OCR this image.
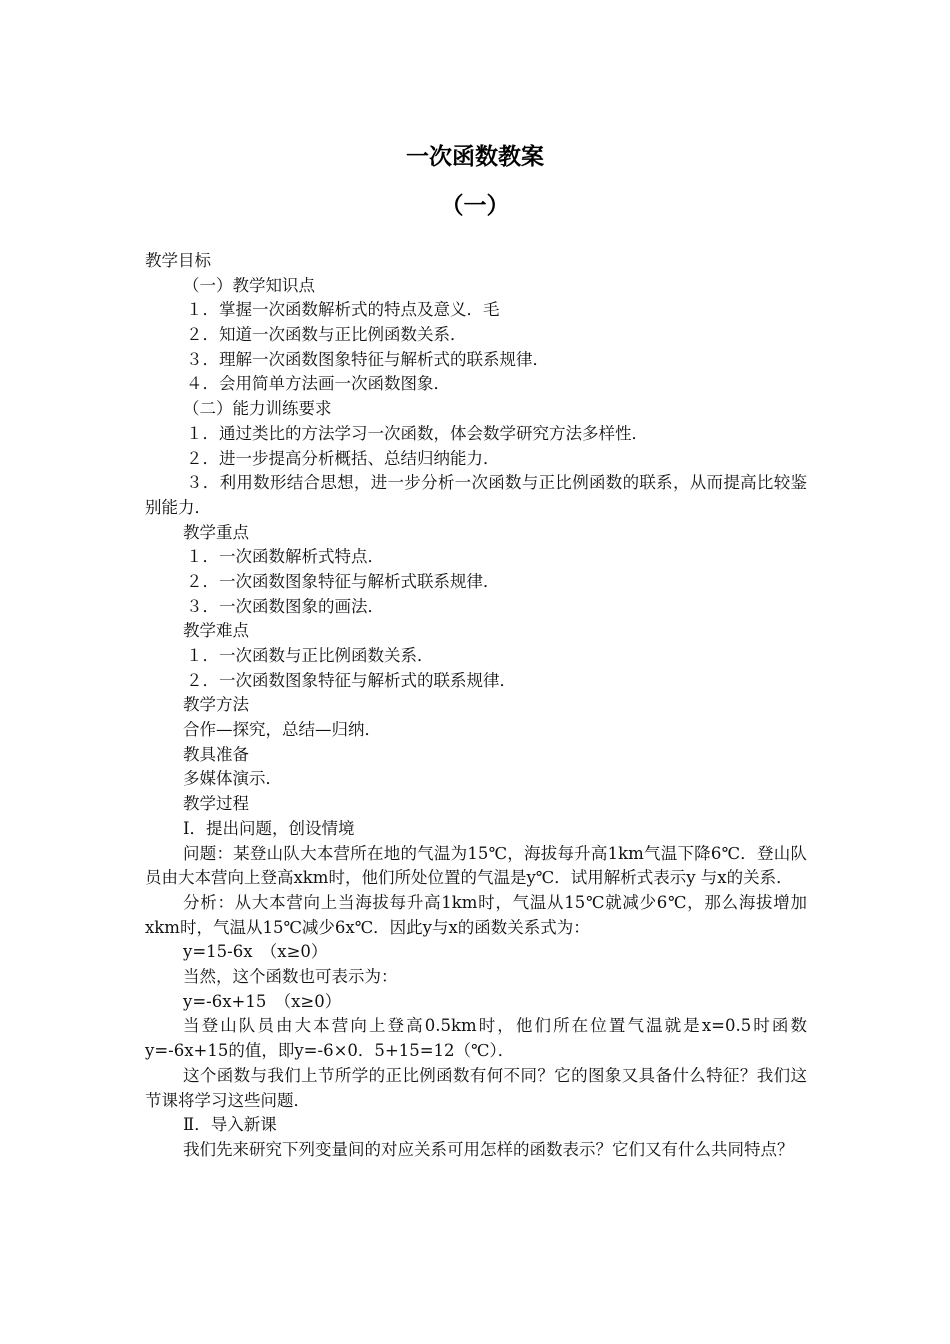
一次函数教案
（一）
教学目标
（一）教学知识点
１．掌握一次函数解析式的特点及意义．毛
２．知道一次函数与正比例函数关系．
３．理解一次函数图象特征与解析式的联系规律．
４．会用简单方法画一次函数图象．
（二）能力训练要求
１．通过类比的方法学习一次函数，体会数学研究方法多样性．
２．进一步提高分析概括、总结归纳能力．
３．利用数形结合思想，进一步分析一次函数与正比例函数的联系，从而提高比较鉴别能力．
教学重点
１．一次函数解析式特点．
２．一次函数图象特征与解析式联系规律．
３．一次函数图象的画法．
教学难点
１．一次函数与正比例函数关系．
２．一次函数图象特征与解析式的联系规律．
教学方法
合作—探究，总结—归纳．
教具准备
多媒体演示．
教学过程
Ⅰ．提出问题，创设情境
问题：某登山队大本营所在地的气温为15℃，海拔每升高1km气温下降6℃．登山队员由大本营向上登高xkm时，他们所处位置的气温是y℃．试用解析式表示y 与x的关系．
分析：从大本营向上当海拔每升高1km时，气温从15℃就减少6℃，那么海拔增加xkm时，气温从15℃减少6x℃．因此y与x的函数关系式为：
y=15-6x　（x≥0）
当然，这个函数也可表示为：
y=-6x+15　（x≥0）
当登山队员由大本营向上登高0.5km时，他们所在位置气温就是x=0.5时函数y=-6x+15的值，即y=-6×0．5+15=12（℃）．
这个函数与我们上节所学的正比例函数有何不同？它的图象又具备什么特征？我们这节课将学习这些问题．
Ⅱ．导入新课
我们先来研究下列变量间的对应关系可用怎样的函数表示？它们又有什么共同特点？
